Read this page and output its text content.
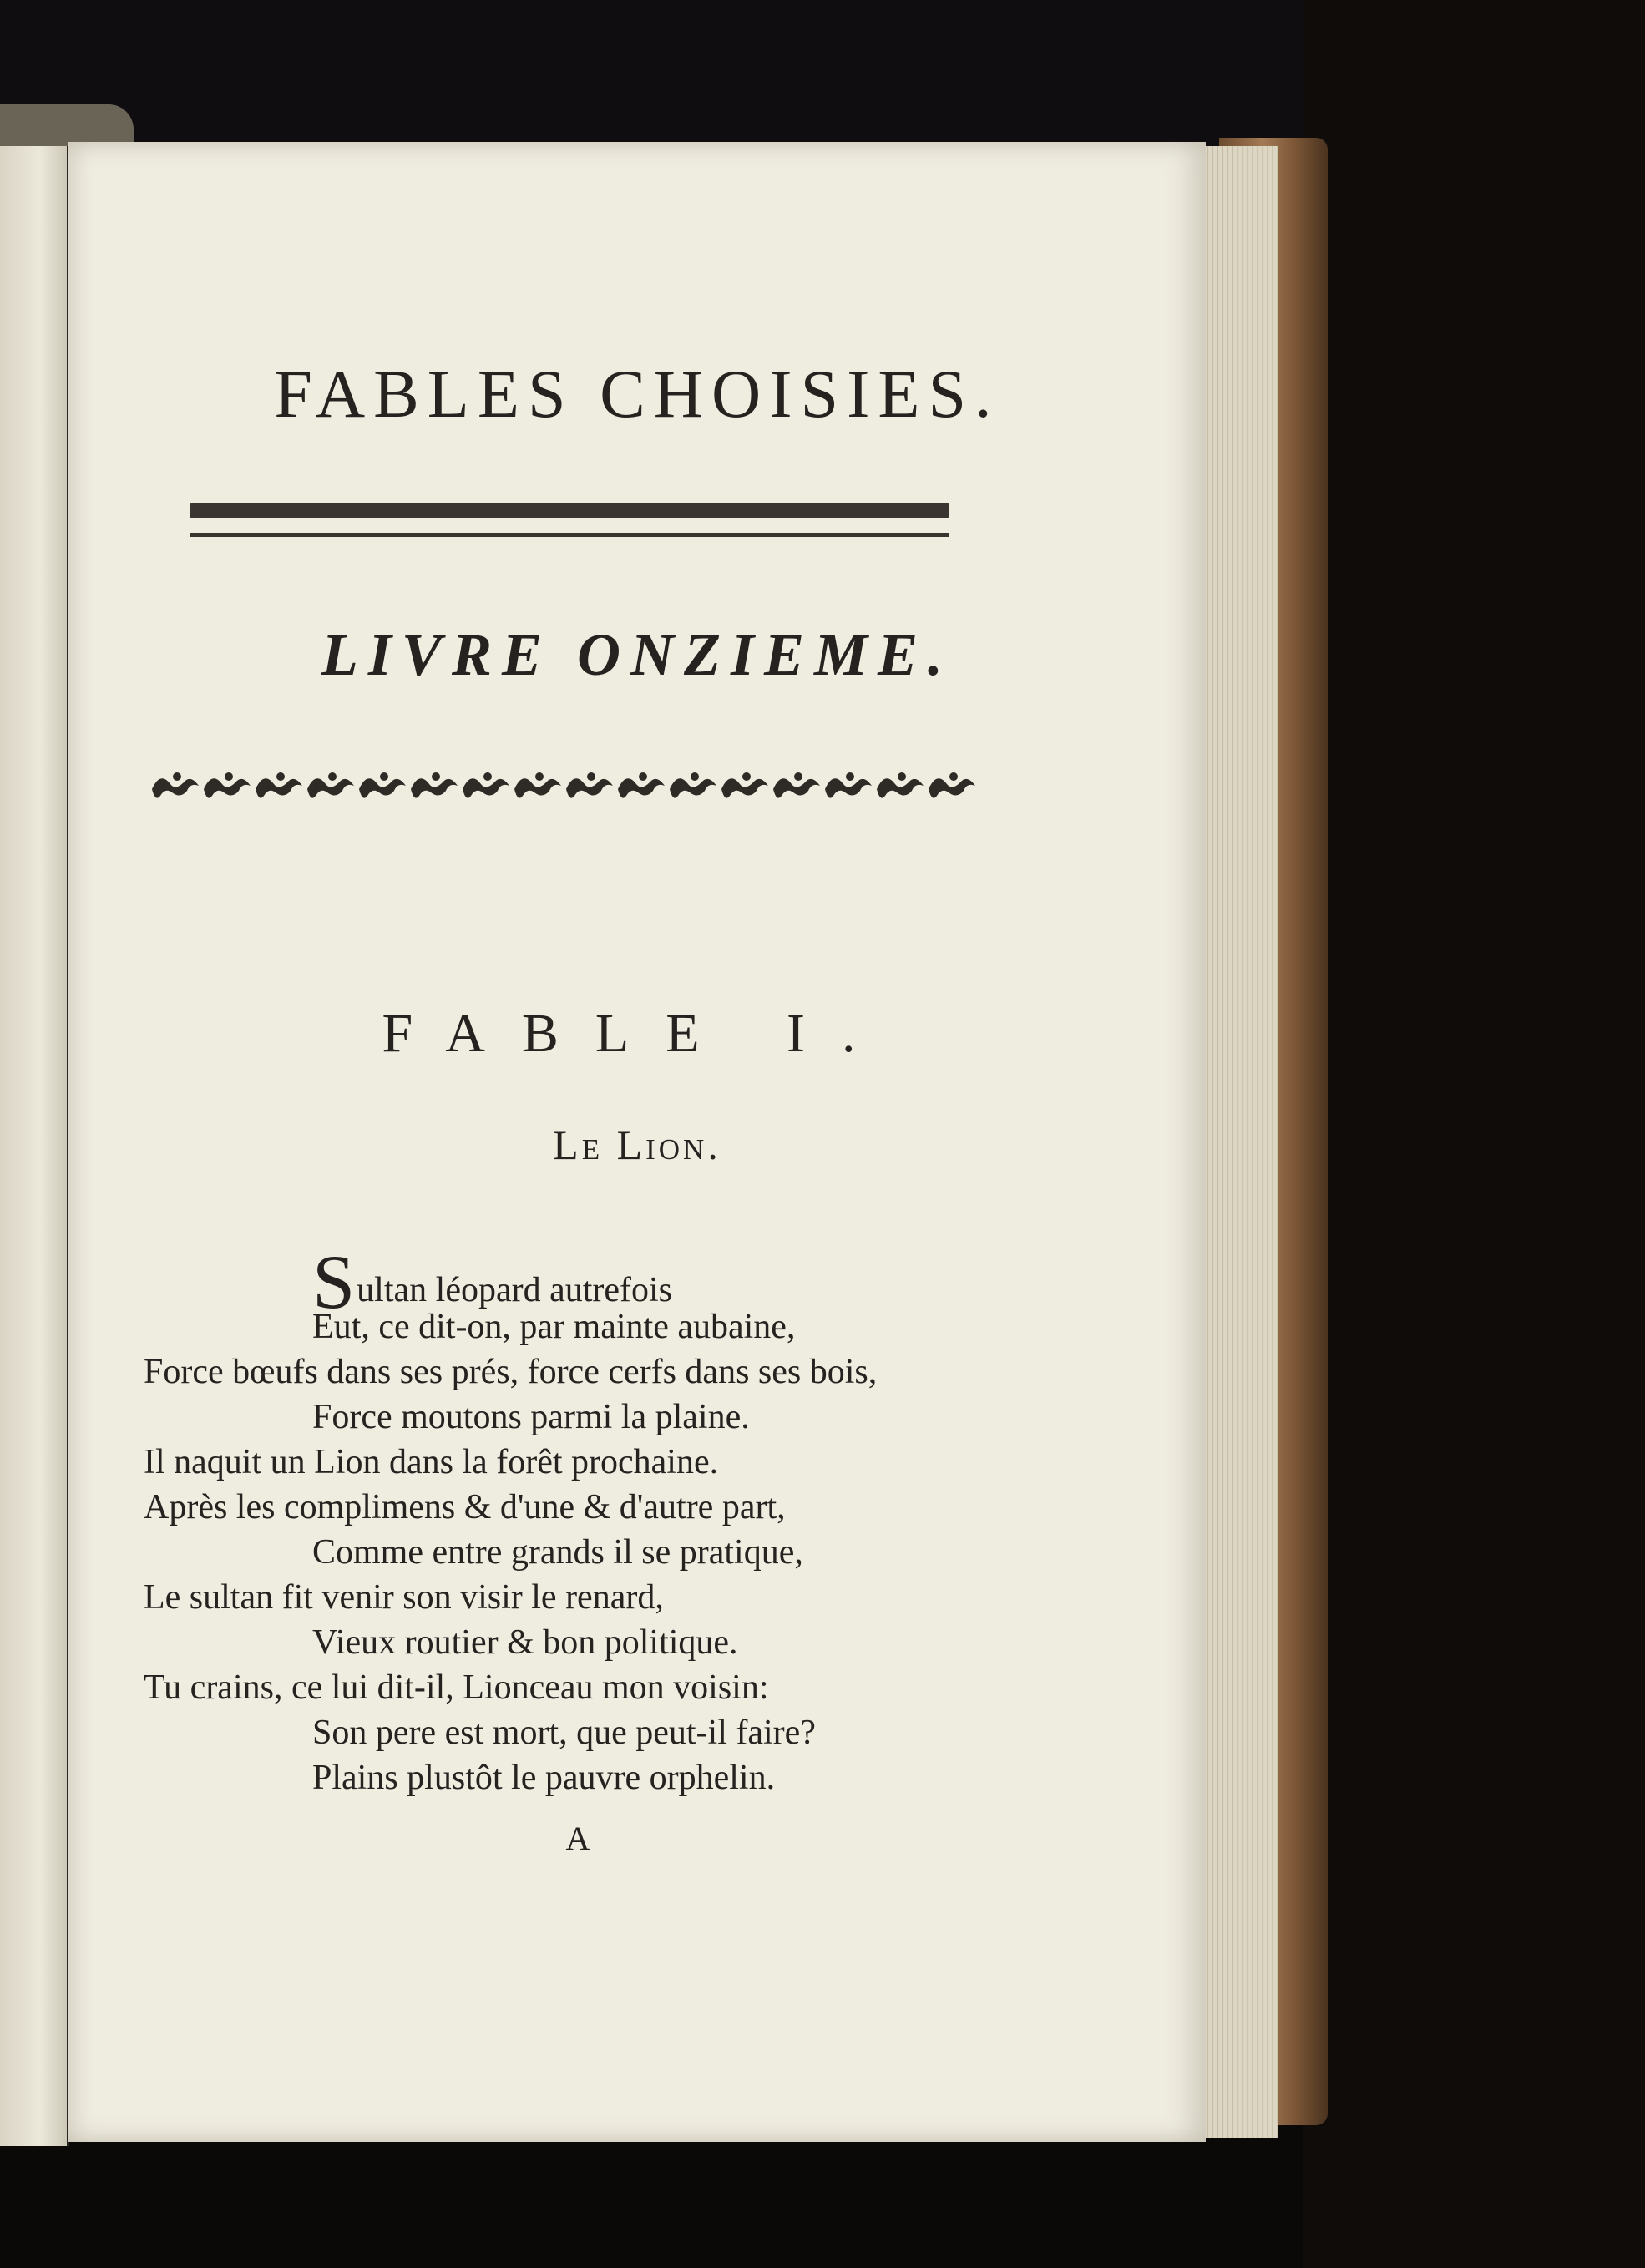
FABLES CHOISIES.
LIVRE ONZIEME.
FABLE I.
Le Lion.
Sultan léopard autrefois
Eut, ce dit-on, par mainte aubaine,
Force bœufs dans ses prés, force cerfs dans ses bois,
Force moutons parmi la plaine.
Il naquit un Lion dans la forêt prochaine.
Après les complimens & d'une & d'autre part,
Comme entre grands il se pratique,
Le sultan fit venir son visir le renard,
Vieux routier & bon politique.
Tu crains, ce lui dit-il, Lionceau mon voisin:
Son pere est mort, que peut-il faire?
Plains plustôt le pauvre orphelin.
A
